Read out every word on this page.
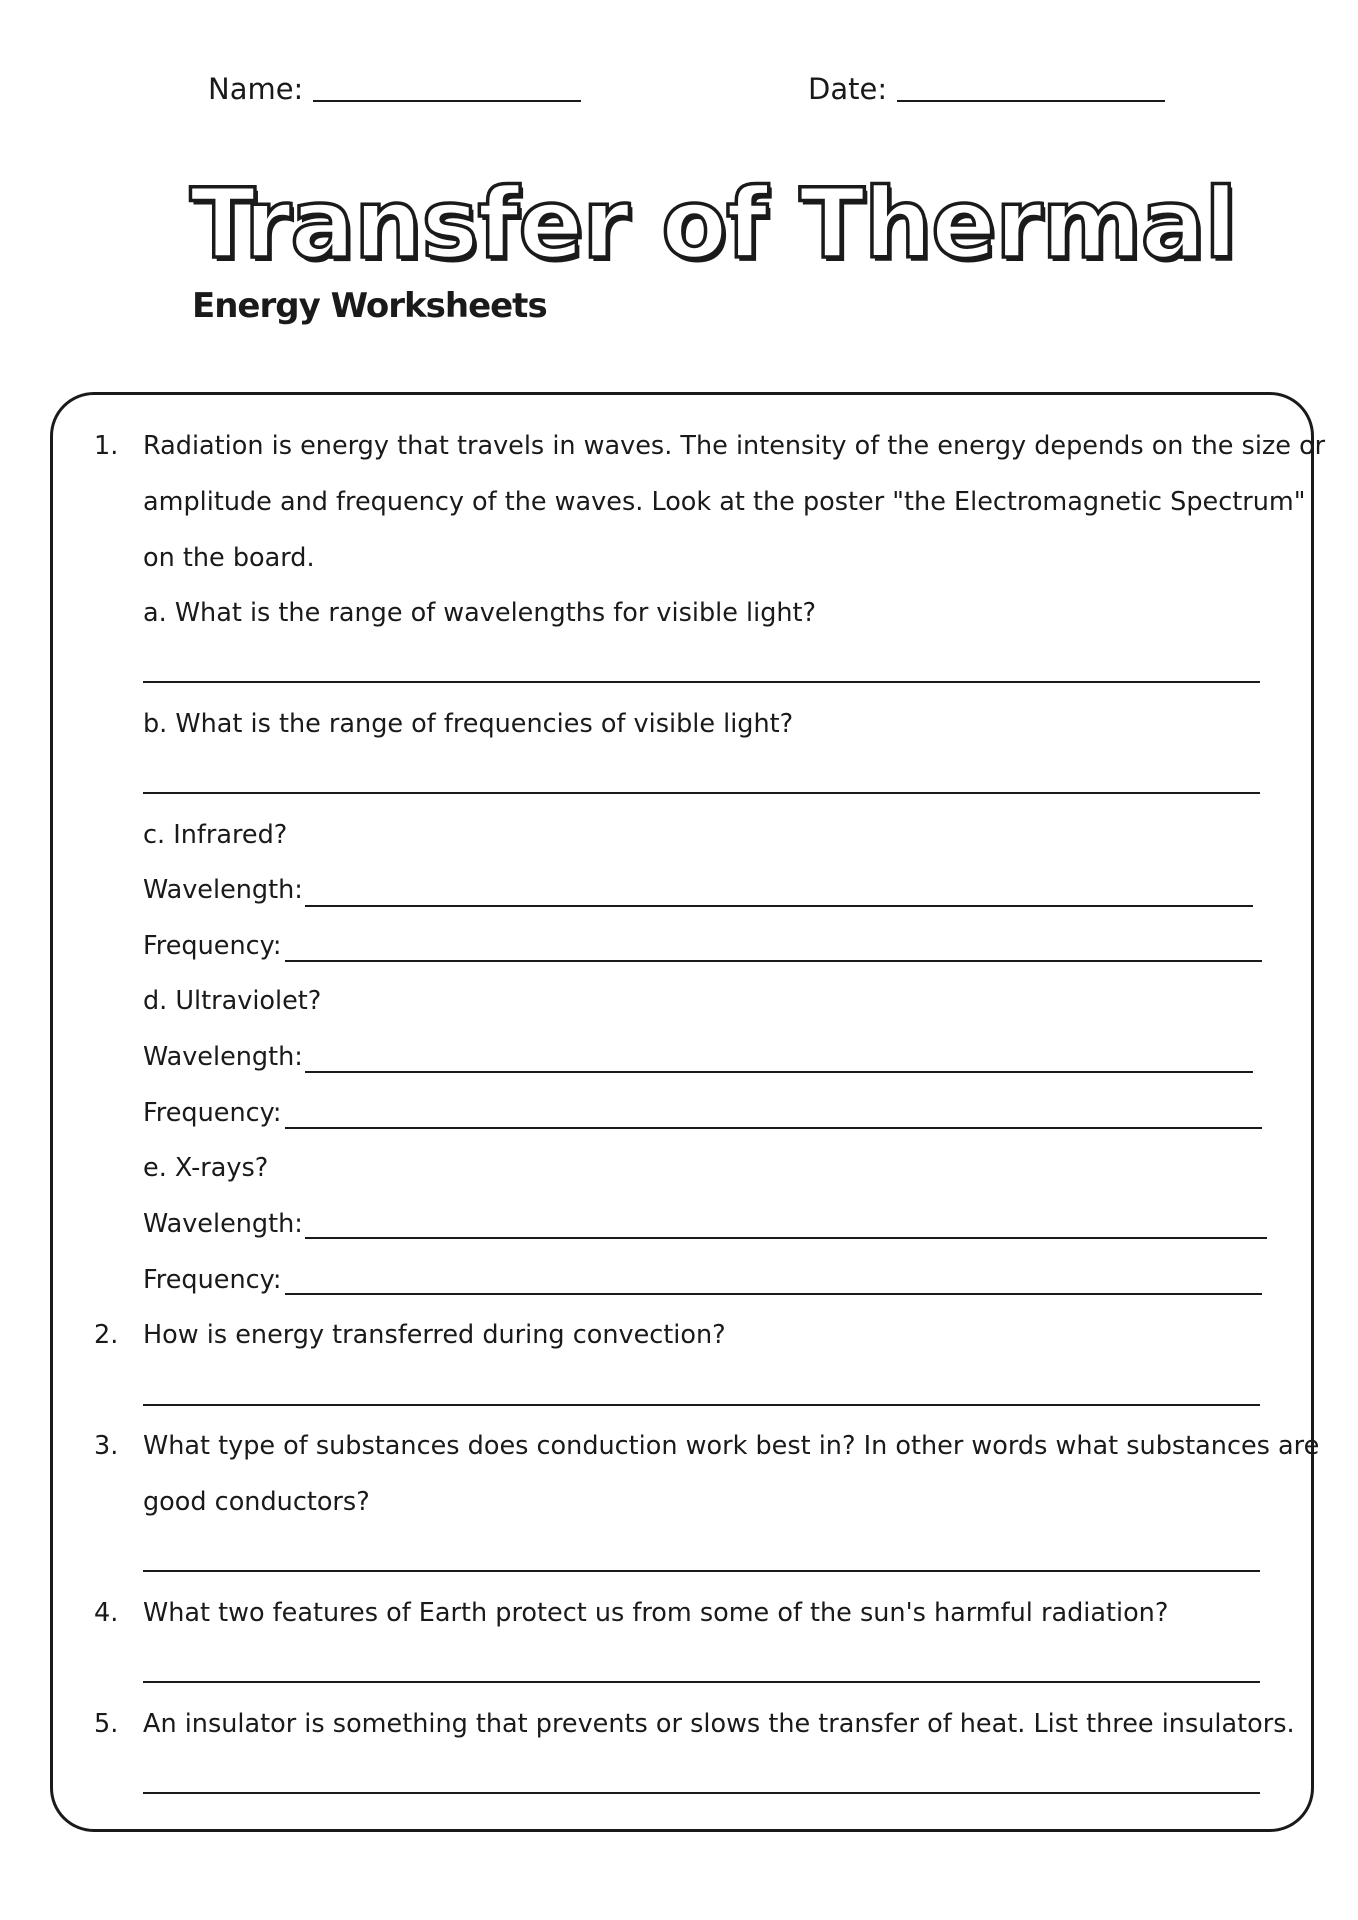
Name:	Date:
Transfer of Thermal
Energy Worksheets
1. Radiation is energy that travels in waves. The intensity of the energy depends on the size or
amplitude and frequency of the waves. Look at the poster "the Electromagnetic Spectrum"
on the board.
a. What is the range of wavelengths for visible light?
b. What is the range of frequencies of visible light?
c. Infrared?
Wavelength:
Frequency:
d. Ultraviolet?
Wavelength:
Frequency:
e. X-rays?
Wavelength:
Frequency:
2. How is energy transferred during convection?
3. What type of substances does conduction work best in? In other words what substances are
good conductors?
4. What two features of Earth protect us from some of the sun's harmful radiation?
5. An insulator is something that prevents or slows the transfer of heat. List three insulators.
